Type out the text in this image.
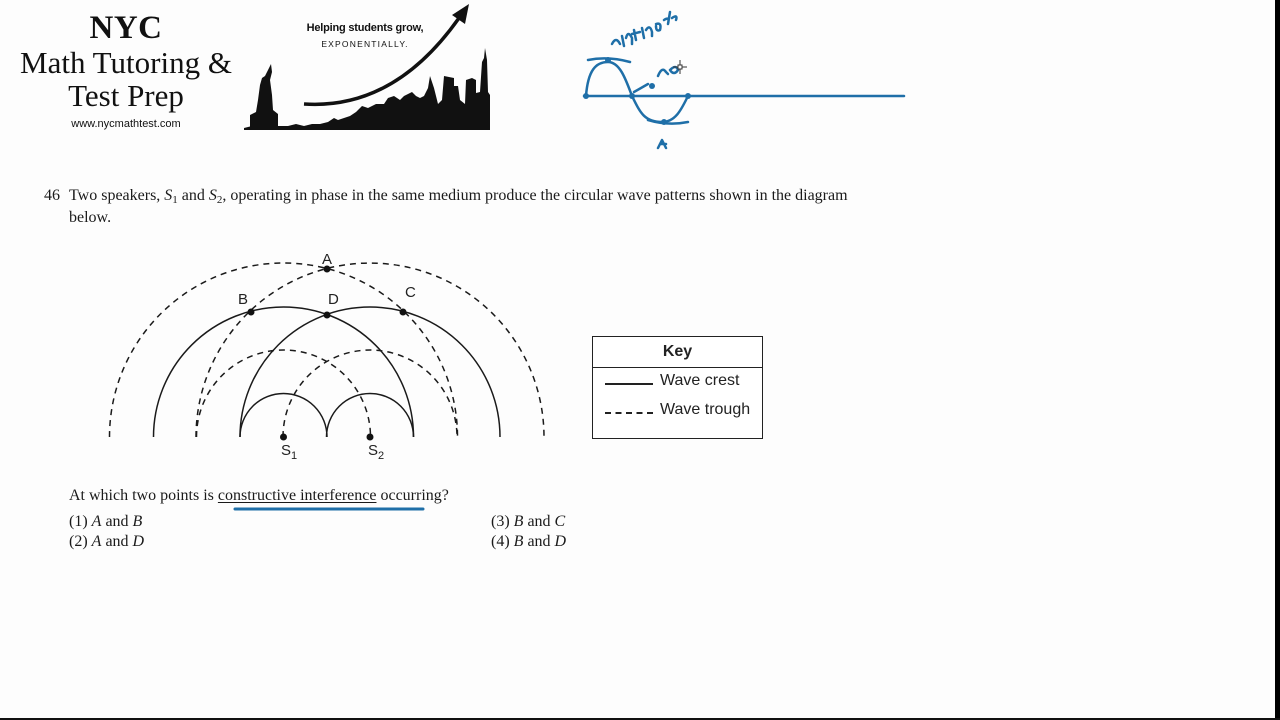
NYC
Math Tutoring &
Test Prep
www.nycmathtest.com
Helping students grow,
EXPONENTIALLY.
46 Two speakers, $S_1$ and $S_2$, operating in phase in the same medium produce the circular wave patterns shown in the diagram below.
A
B	C
D
$S_1$	$S_2$
Key
Wave crest
Wave trough
At which two points is constructive interference occurring?
(1) A and B
(2) A and D
(3) B and C
(4) B and D
